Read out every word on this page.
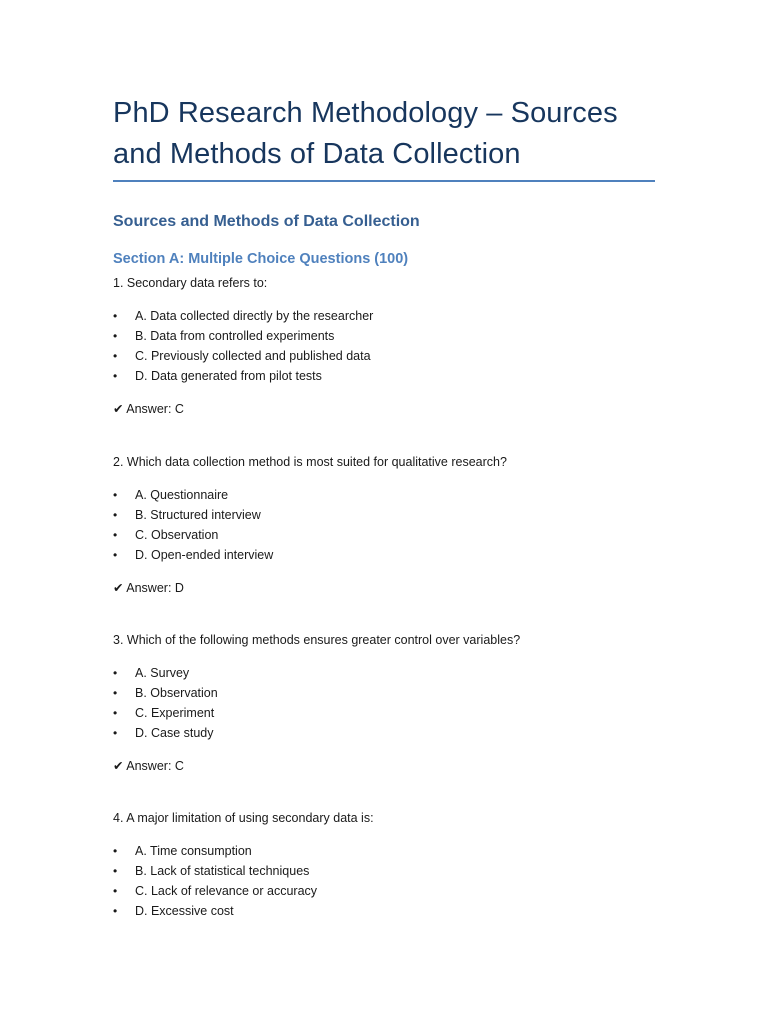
PhD Research Methodology – Sources and Methods of Data Collection
Sources and Methods of Data Collection
Section A: Multiple Choice Questions (100)

1. Secondary data refers to:

• A. Data collected directly by the researcher
• B. Data from controlled experiments
• C. Previously collected and published data
• D. Data generated from pilot tests

✔ Answer: C

2. Which data collection method is most suited for qualitative research?

• A. Questionnaire
• B. Structured interview
• C. Observation
• D. Open-ended interview

✔ Answer: D

3. Which of the following methods ensures greater control over variables?

• A. Survey
• B. Observation
• C. Experiment
• D. Case study

✔ Answer: C

4. A major limitation of using secondary data is:

• A. Time consumption
• B. Lack of statistical techniques
• C. Lack of relevance or accuracy
• D. Excessive cost
